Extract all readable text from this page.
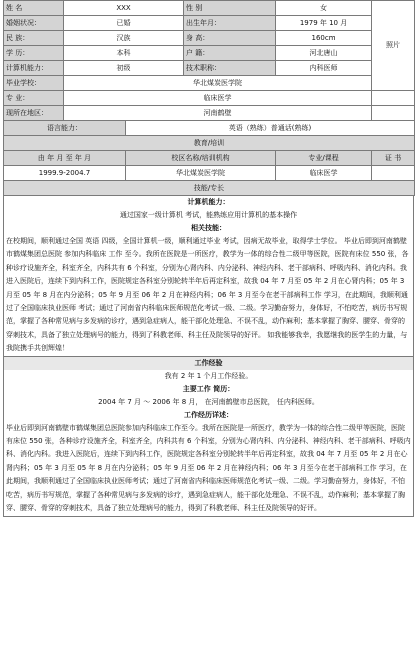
姓 名	XXX		性 别	女	照片
婚姻状况：	已婚		出生年月：	1979 年 10 月	
民 族：	汉族		身 高：	160cm	
学 历：	本科		户 籍：	河北唐山	
计算机能力：	初级		技术职称：	内科医师	
毕业学校：	华北煤炭医学院				
专 业：	临床医学				
现所在地区：	河南鹤壁				
语言能力：		英语（熟练）普通话(熟练)			
教育/培训					
由 年 月 至 年 月		校区名称/培训机构		专业/课程	证 书
1999.9-2004.7		华北煤炭医学院		临床医学	
技能/专长					
计算机能力：
通过国家一级计算机 考试，能熟练应用计算机的基本操作
相关技能：
在校期间，顺利通过全国 英语 四级，全国计算机一级，顺利通过毕业 考试，因病无故毕业，取得学士学位。 毕业后即到河南鹤壁市鹤煤集团总医院 参加内科临床 工作 至今。我所在医院是一所医疗，教学为一体的综合性二级甲等医院，医院有床位 550 张，各种诊疗设施齐全，科室齐全，内科共有 6 个科室，分别为心肾内科、内分泌科、神经内科、老干部病科、呼吸内科、消化内科。我进入医院后，连续下到内科工作，医院规定各科室分别轮转半年后再定科室，故我 04 年 7 月至 05 年 2 月在心肾内科；05 年 3 月至 05 年 8 月在内分泌科；05 年 9 月至 06 年 2 月在神经内科；06 年 3 月至今在老干部病科工作 学习，在此期间，我顺利通过了全国临床执业医师 考试；通过了河南省内科临床医师规范化考试一级、二级。学习勤奋努力，身体好，不怕吃苦，病历书写规范，掌握了各种常见病与多发病的诊疗，遇到急症病人，能干部化处理急、不误不乱，动作麻利；基本掌握了胸穿、腰穿、骨穿的穿刺技术，具备了独立处理病号的能力，得到了科教老师、科主任及院领导的好评。 如我能够我幸，我愿继我的医学生的力量，与我院携手共创辉煌！
工作经验
我有 2 年 1 个月工作经验。
主要工作 简历：
2004 年 7 月 ～ 2006 年 8 月， 在河南鹤壁市总医院， 任内科医师。
工作经历详述：
毕业后即到河南鹤壁市鹤煤集团总医院参加内科临床工作至今。我所在医院是一所医疗，教学为一体的综合性二级甲等医院，医院有床位 550 张，各种诊疗设施齐全，科室齐全，内科共有 6 个科室，分别为心肾内科、内分泌科、神经内科、老干部病科、呼吸内科、消化内科。我进入医院后，连续下到内科工作，医院规定各科室分别轮转半年后再定科室，故我 04 年 7 月至 05 年 2 月在心肾内科；05 年 3 月至 05 年 8 月在内分泌科；05 年 9 月至 06 年 2 月在神经内科；06 年 3 月至今在老干部病科工作 学习，在此期间，我顺利通过了全国临床执业医师考试；通过了河南省内科临床医师规范化考试一级、二级。学习勤奋努力，身体好，不怕吃苦，病历书写规范，掌握了各种常见病与多发病的诊疗，遇到急症病人，能干部化处理急、不误不乱，动作麻利；基本掌握了胸穿、腰穿、骨穿的穿刺技术，具备了独立处理病号的能力，得到了科教老师、科主任及院领导的好评。
